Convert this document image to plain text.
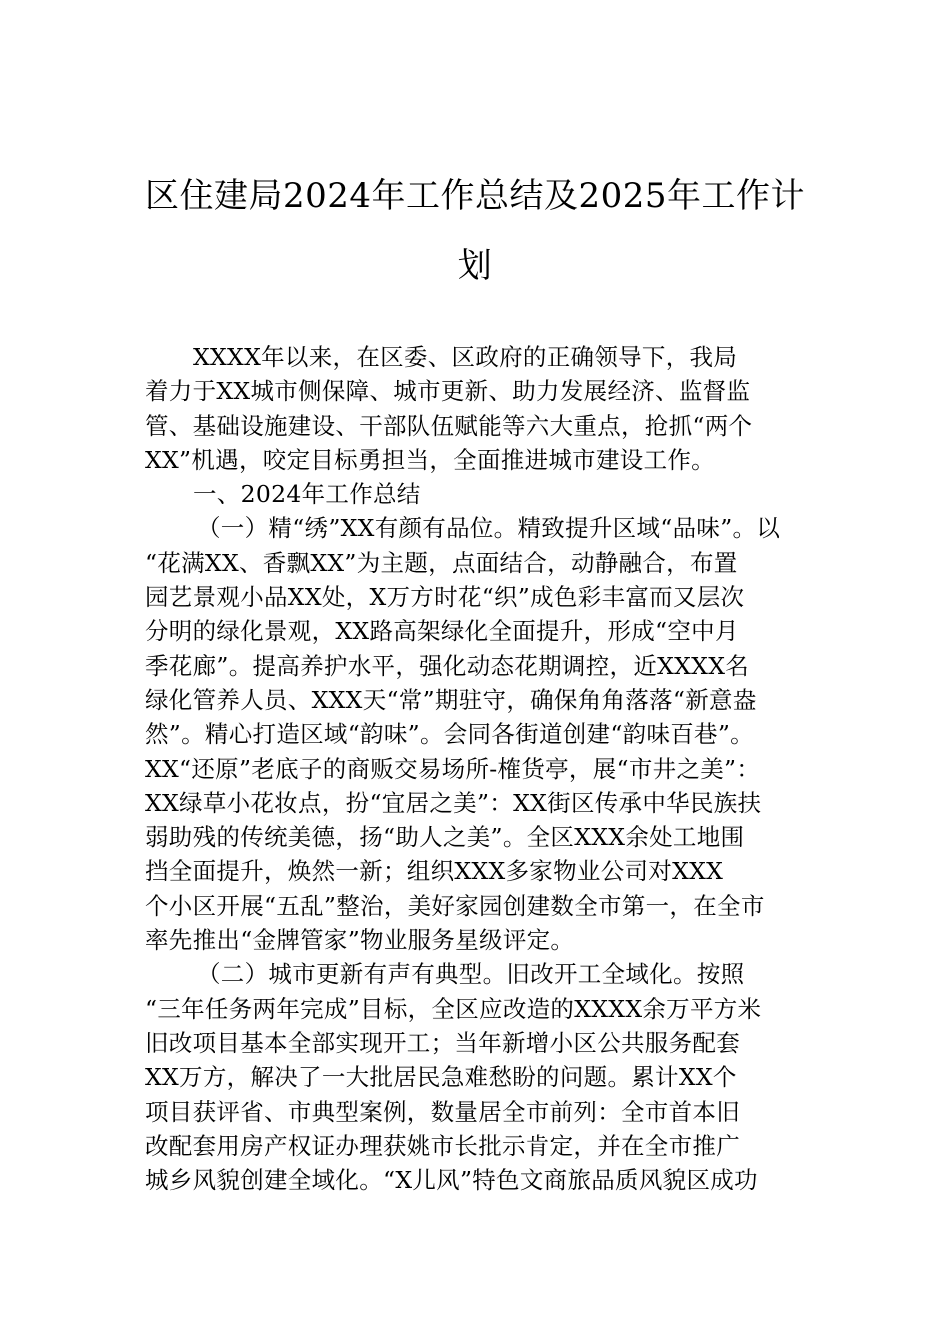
区住建局2024年工作总结及2025年工作计
划
XXXX年以来，在区委、区政府的正确领导下，我局
着力于XX城市侧保障、城市更新、助力发展经济、监督监
管、基础设施建设、干部队伍赋能等六大重点，抢抓“两个
XX”机遇，咬定目标勇担当，全面推进城市建设工作。
一、2024年工作总结
（一）精“绣”XX有颜有品位。精致提升区域“品味”。以
“花满XX、香飘XX”为主题，点面结合，动静融合，布置
园艺景观小品XX处，X万方时花“织”成色彩丰富而又层次
分明的绿化景观，XX路高架绿化全面提升，形成“空中月
季花廊”。提高养护水平，强化动态花期调控，近XXXX名
绿化管养人员、XXX天“常”期驻守，确保角角落落“新意盎
然”。精心打造区域“韵味”。会同各街道创建“韵味百巷”。
XX“还原”老底子的商贩交易场所-榷货亭，展“市井之美”：
XX绿草小花妆点，扮“宜居之美”：XX街区传承中华民族扶
弱助残的传统美德，扬“助人之美”。全区XXX余处工地围
挡全面提升，焕然一新；组织XXX多家物业公司对XXX
个小区开展“五乱”整治，美好家园创建数全市第一，在全市
率先推出“金牌管家”物业服务星级评定。
（二）城市更新有声有典型。旧改开工全域化。按照
“三年任务两年完成”目标，全区应改造的XXXX余万平方米
旧改项目基本全部实现开工；当年新增小区公共服务配套
XX万方，解决了一大批居民急难愁盼的问题。累计XX个
项目获评省、市典型案例，数量居全市前列：全市首本旧
改配套用房产权证办理获姚市长批示肯定，并在全市推广
城乡风貌创建全域化。“X儿风”特色文商旅品质风貌区成功
